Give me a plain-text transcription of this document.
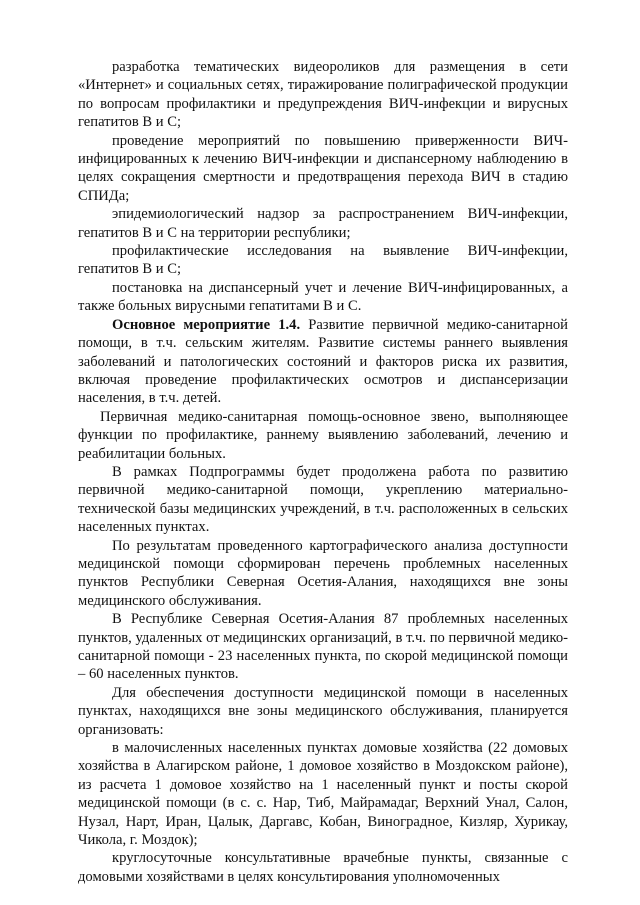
разработка тематических видеороликов для размещения в сети «Интернет» и социальных сетях, тиражирование полиграфической продукции по вопросам профилактики и предупреждения ВИЧ-инфекции и вирусных гепатитов В и С;

проведение мероприятий по повышению приверженности ВИЧ-инфицированных к лечению ВИЧ-инфекции и диспансерному наблюдению в целях сокращения смертности и предотвращения перехода ВИЧ в стадию СПИДа;

эпидемиологический надзор за распространением ВИЧ-инфекции, гепатитов В и С на территории республики;

профилактические исследования на выявление ВИЧ-инфекции, гепатитов В и С;

постановка на диспансерный учет и лечение ВИЧ-инфицированных, а также больных вирусными гепатитами В и С.

Основное мероприятие 1.4. Развитие первичной медико-санитарной помощи, в т.ч. сельским жителям. Развитие системы раннего выявления заболеваний и патологических состояний и факторов риска их развития, включая проведение профилактических осмотров и диспансеризации населения, в т.ч. детей.

Первичная медико-санитарная помощь-основное звено, выполняющее функции по профилактике, раннему выявлению заболеваний, лечению и реабилитации больных.

В рамках Подпрограммы будет продолжена работа по развитию первичной медико-санитарной помощи, укреплению материально-технической базы медицинских учреждений, в т.ч. расположенных в сельских населенных пунктах.

По результатам проведенного картографического анализа доступности медицинской помощи сформирован перечень проблемных населенных пунктов Республики Северная Осетия-Алания, находящихся вне зоны медицинского обслуживания.

В Республике Северная Осетия-Алания 87 проблемных населенных пунктов, удаленных от медицинских организаций, в т.ч. по первичной медико-санитарной помощи - 23 населенных пункта, по скорой медицинской помощи – 60 населенных пунктов.

Для обеспечения доступности медицинской помощи в населенных пунктах, находящихся вне зоны медицинского обслуживания, планируется организовать:

в малочисленных населенных пунктах домовые хозяйства (22 домовых хозяйства в Алагирском районе, 1 домовое хозяйство в Моздокском районе), из расчета 1 домовое хозяйство на 1 населенный пункт и посты скорой медицинской помощи (в с. с. Нар, Тиб, Майрамадаг, Верхний Унал, Салон, Нузал, Нарт, Иран, Цалык, Даргавс, Кобан, Виноградное, Кизляр, Хурикау, Чикола, г. Моздок);

круглосуточные консультативные врачебные пункты, связанные с домовыми хозяйствами в целях консультирования уполномоченных
